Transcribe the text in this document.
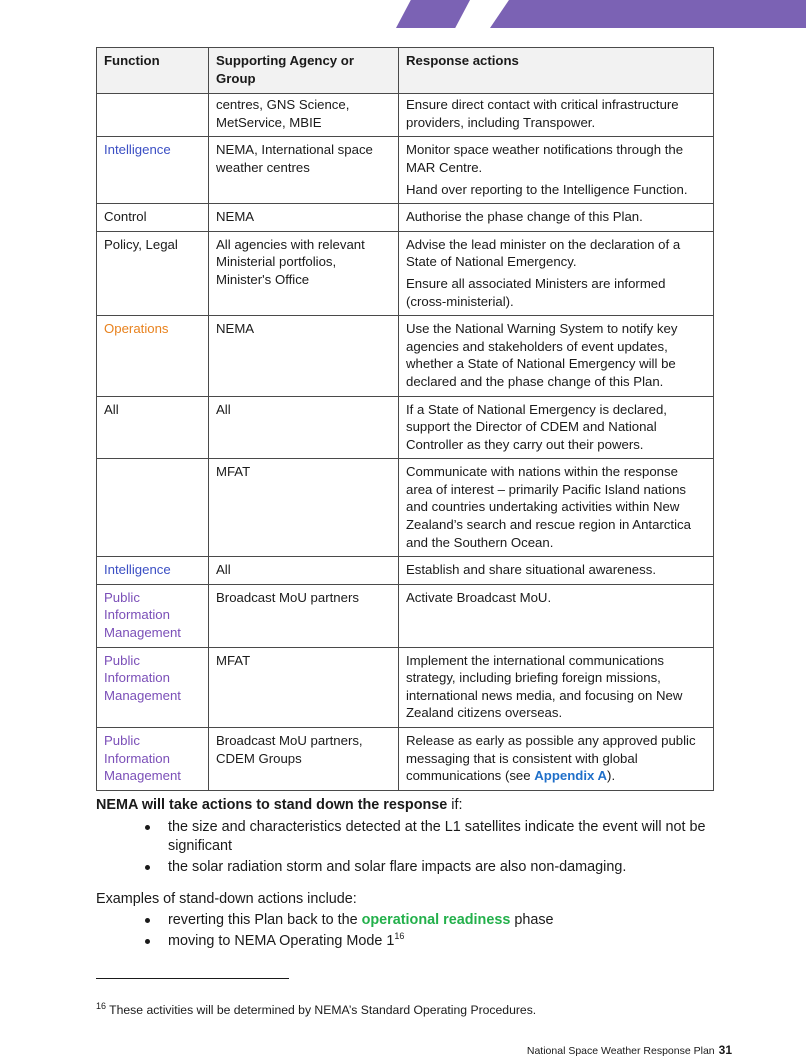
Function	Supporting Agency or Group	Response actions
	centres, GNS Science, MetService, MBIE	Ensure direct contact with critical infrastructure providers, including Transpower.

Intelligence	NEMA, International space weather centres	Monitor space weather notifications through the MAR Centre.

Hand over reporting to the Intelligence Function.

Control	NEMA	Authorise the phase change of this Plan.

Policy, Legal	All agencies with relevant Ministerial portfolios, Minister's Office	Advise the lead minister on the declaration of a State of National Emergency.

Ensure all associated Ministers are informed (cross-ministerial).

Operations	NEMA	Use the National Warning System to notify key agencies and stakeholders of event updates, whether a State of National Emergency will be declared and the phase change of this Plan.

All	All	If a State of National Emergency is declared, support the Director of CDEM and National Controller as they carry out their powers.

	MFAT	Communicate with nations within the response area of interest – primarily Pacific Island nations and countries undertaking activities within New Zealand’s search and rescue region in Antarctica and the Southern Ocean.

Intelligence	All	Establish and share situational awareness.

Public Information Management	Broadcast MoU partners	Activate Broadcast MoU.

Public Information Management	MFAT	Implement the international communications strategy, including briefing foreign missions, international news media, and focusing on New Zealand citizens overseas.

Public Information Management	Broadcast MoU partners, CDEM Groups	Release as early as possible any approved public messaging that is consistent with global communications (see Appendix A).

NEMA will take actions to stand down the response if:
the size and characteristics detected at the L1 satellites indicate the event will not be significant
the solar radiation storm and solar flare impacts are also non-damaging.
Examples of stand-down actions include:
reverting this Plan back to the operational readiness phase
moving to NEMA Operating Mode $1^{16}$
$^{16}$ These activities will be determined by NEMA’s Standard Operating Procedures.
National Space Weather Response Plan 31
